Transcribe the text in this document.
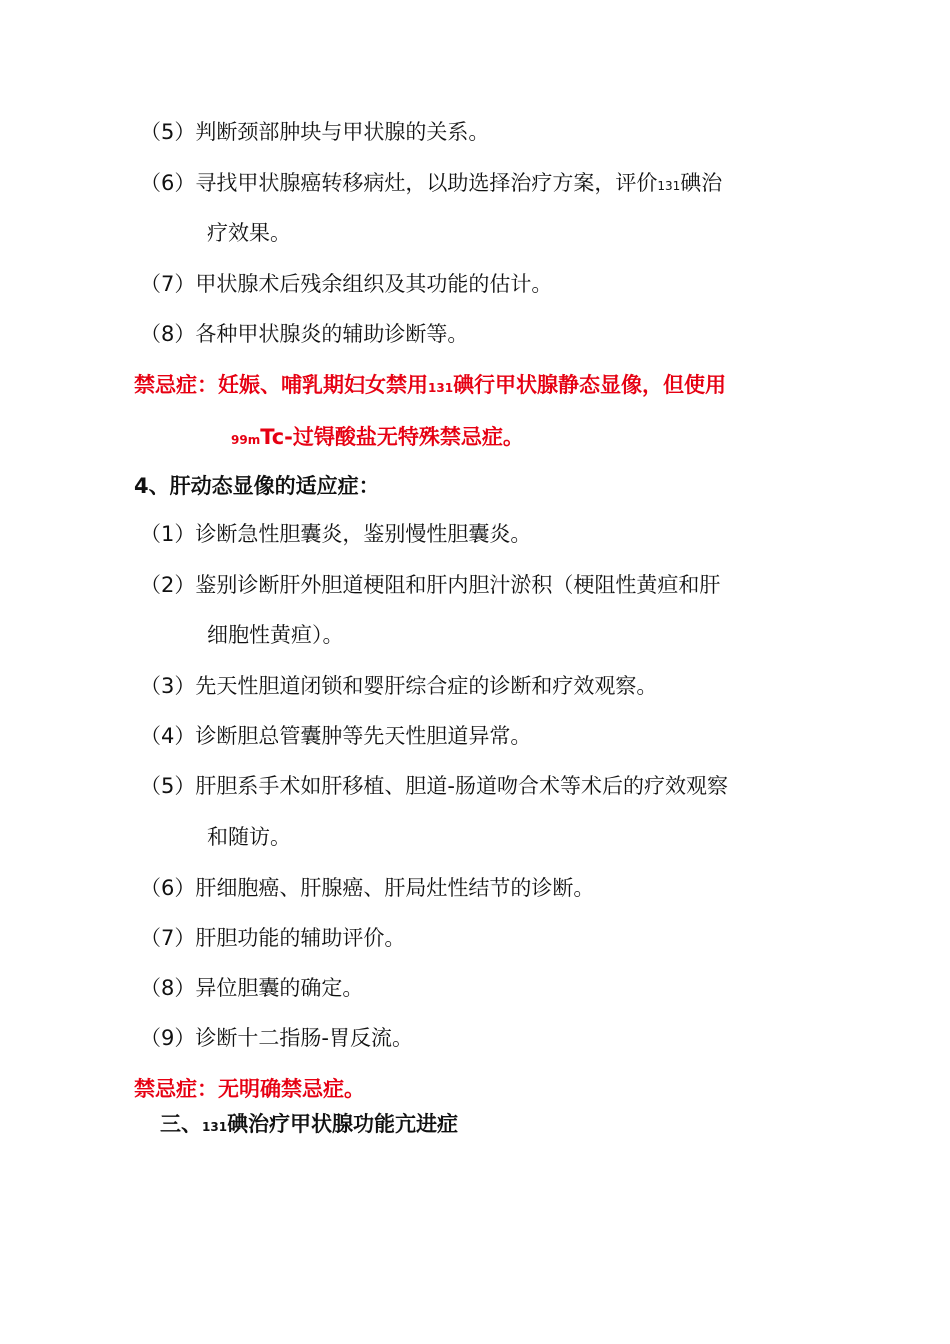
（5）判断颈部肿块与甲状腺的关系。
（6）寻找甲状腺癌转移病灶，以助选择治疗方案，评价131碘治
疗效果。
（7）甲状腺术后残余组织及其功能的估计。
（8）各种甲状腺炎的辅助诊断等。
禁忌症：妊娠、哺乳期妇女禁用131碘行甲状腺静态显像，但使用
99mTc-过锝酸盐无特殊禁忌症。
4、肝动态显像的适应症：
（1）诊断急性胆囊炎，鉴别慢性胆囊炎。
（2）鉴别诊断肝外胆道梗阻和肝内胆汁淤积（梗阻性黄疸和肝
细胞性黄疸）。
（3）先天性胆道闭锁和婴肝综合症的诊断和疗效观察。
（4）诊断胆总管囊肿等先天性胆道异常。
（5）肝胆系手术如肝移植、胆道-肠道吻合术等术后的疗效观察
和随访。
（6）肝细胞癌、肝腺癌、肝局灶性结节的诊断。
（7）肝胆功能的辅助评价。
（8）异位胆囊的确定。
（9）诊断十二指肠-胃反流。
禁忌症：无明确禁忌症。
三、131碘治疗甲状腺功能亢进症
